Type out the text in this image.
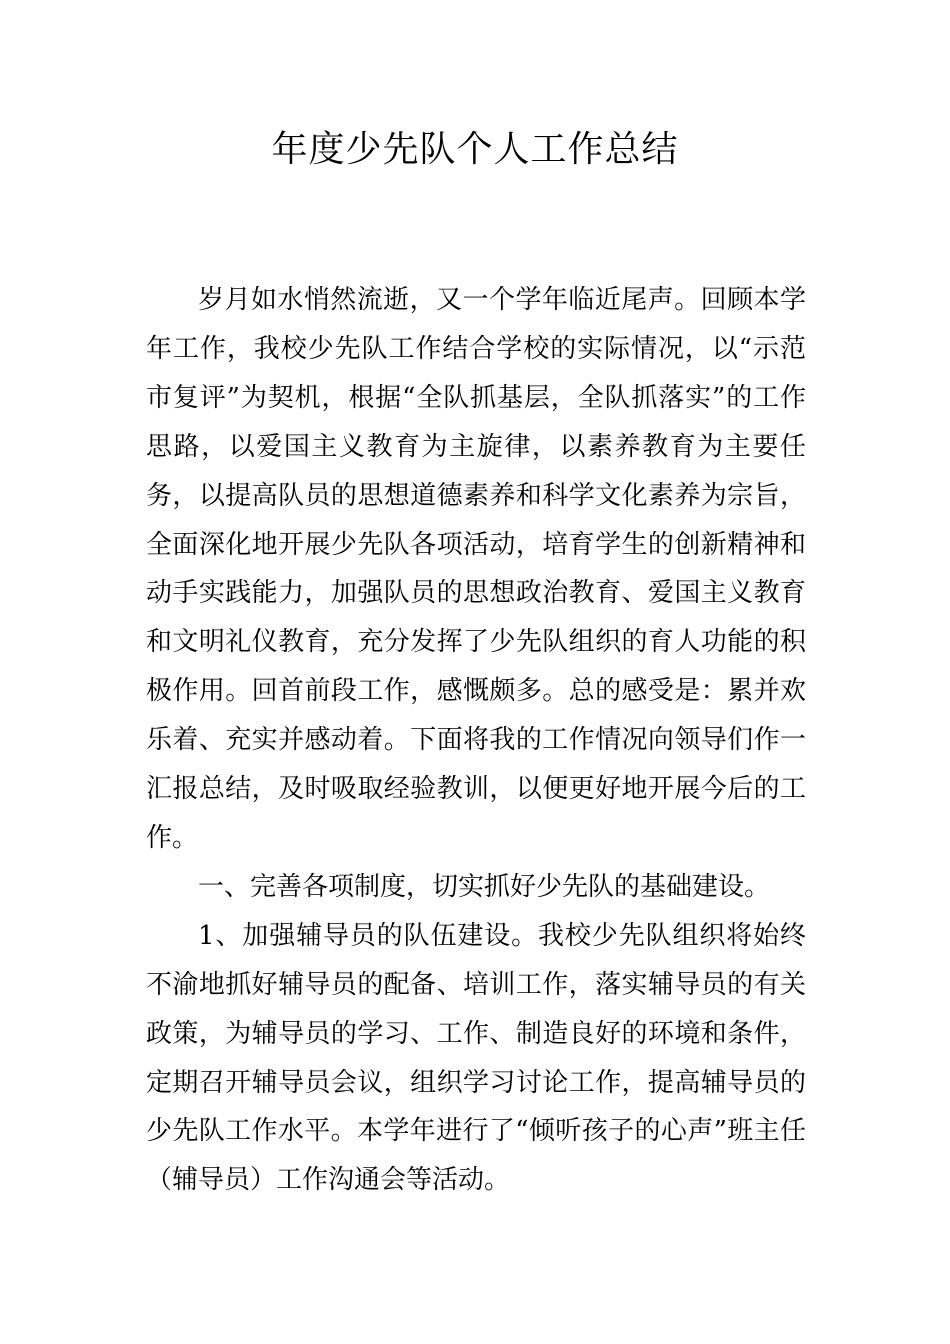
年度少先队个人工作总结

岁月如水悄然流逝，又一个学年临近尾声。回顾本学年工作，我校少先队工作结合学校的实际情况，以“示范市复评”为契机，根据“全队抓基层，全队抓落实”的工作思路，以爱国主义教育为主旋律，以素养教育为主要任务，以提高队员的思想道德素养和科学文化素养为宗旨，全面深化地开展少先队各项活动，培育学生的创新精神和动手实践能力，加强队员的思想政治教育、爱国主义教育和文明礼仪教育，充分发挥了少先队组织的育人功能的积极作用。回首前段工作，感慨颇多。总的感受是：累并欢乐着、充实并感动着。下面将我的工作情况向领导们作一汇报总结，及时吸取经验教训，以便更好地开展今后的工作。

一、完善各项制度，切实抓好少先队的基础建设。

1、加强辅导员的队伍建设。我校少先队组织将始终不渝地抓好辅导员的配备、培训工作，落实辅导员的有关政策，为辅导员的学习、工作、制造良好的环境和条件，定期召开辅导员会议，组织学习讨论工作，提高辅导员的少先队工作水平。本学年进行了“倾听孩子的心声”班主任（辅导员）工作沟通会等活动。
